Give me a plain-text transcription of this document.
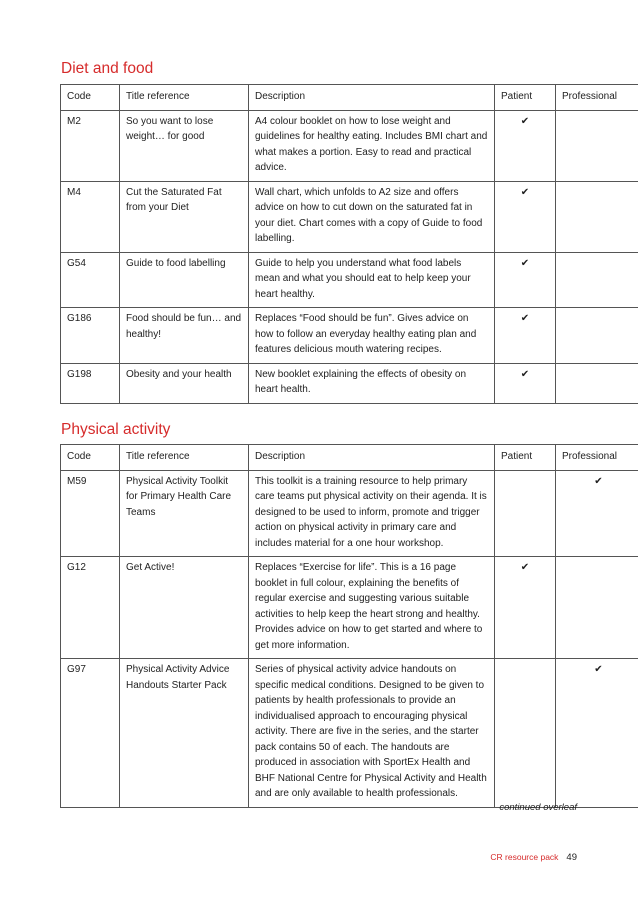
Diet and food
Code	Title reference	Description	Patient	Professional
M2	So you want to lose weight… for good	A4 colour booklet on how to lose weight and guidelines for healthy eating. Includes BMI chart and what makes a portion. Easy to read and practical advice.	✔	
M4	Cut the Saturated Fat from your Diet	Wall chart, which unfolds to A2 size and offers advice on how to cut down on the saturated fat in your diet. Chart comes with a copy of Guide to food labelling.	✔	
G54	Guide to food labelling	Guide to help you understand what food labels mean and what you should eat to help keep your heart healthy.	✔	
G186	Food should be fun… and healthy!	Replaces “Food should be fun”. Gives advice on how to follow an everyday healthy eating plan and features delicious mouth watering recipes.	✔	
G198	Obesity and your health	New booklet explaining the effects of obesity on heart health.	✔	
Physical activity
Code	Title reference	Description	Patient	Professional
M59	Physical Activity Toolkit for Primary Health Care Teams	This toolkit is a training resource to help primary care teams put physical activity on their agenda. It is designed to be used to inform, promote and trigger action on physical activity in primary care and includes material for a one hour workshop.		✔
G12	Get Active!	Replaces “Exercise for life”. This is a 16 page booklet in full colour, explaining the benefits of regular exercise and suggesting various suitable activities to help keep the heart strong and healthy. Provides advice on how to get started and where to get more information.	✔	
G97	Physical Activity Advice Handouts Starter Pack	Series of physical activity advice handouts on specific medical conditions. Designed to be given to patients by health professionals to provide an individualised approach to encouraging physical activity. There are five in the series, and the starter pack contains 50 of each. The handouts are produced in association with SportEx Health and BHF National Centre for Physical Activity and Health and are only available to health professionals.		✔
continued overleaf
CR resource pack 49
